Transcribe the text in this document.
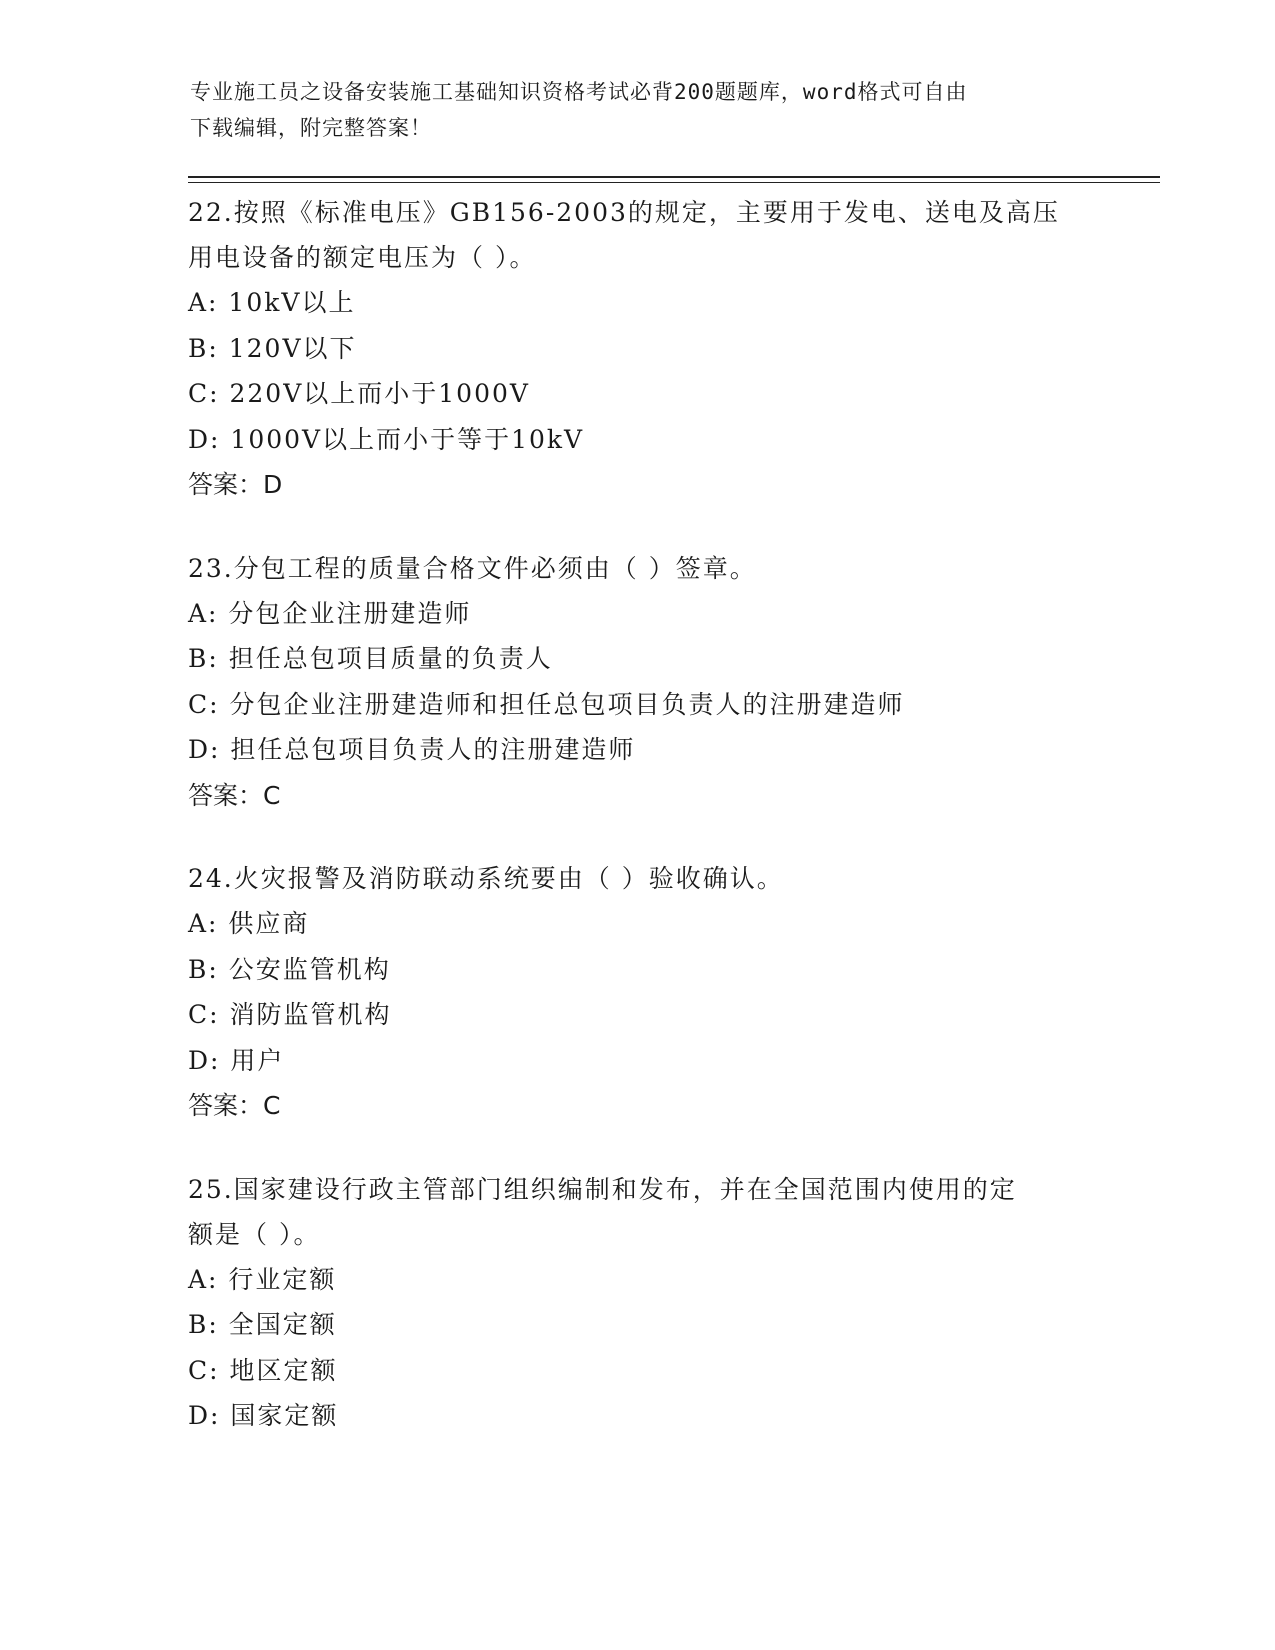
专业施工员之设备安装施工基础知识资格考试必背200题题库，word格式可自由
下载编辑，附完整答案！
22.按照《标准电压》GB156-2003的规定，主要用于发电、送电及高压
用电设备的额定电压为（ ）。
A: 10kV以上
B: 120V以下
C: 220V以上而小于1000V
D: 1000V以上而小于等于10kV
答案：D
23.分包工程的质量合格文件必须由（ ）签章。
A: 分包企业注册建造师
B: 担任总包项目质量的负责人
C: 分包企业注册建造师和担任总包项目负责人的注册建造师
D: 担任总包项目负责人的注册建造师
答案：C
24.火灾报警及消防联动系统要由（ ）验收确认。
A: 供应商
B: 公安监管机构
C: 消防监管机构
D: 用户
答案：C
25.国家建设行政主管部门组织编制和发布，并在全国范围内使用的定
额是（ ）。
A: 行业定额
B: 全国定额
C: 地区定额
D: 国家定额
